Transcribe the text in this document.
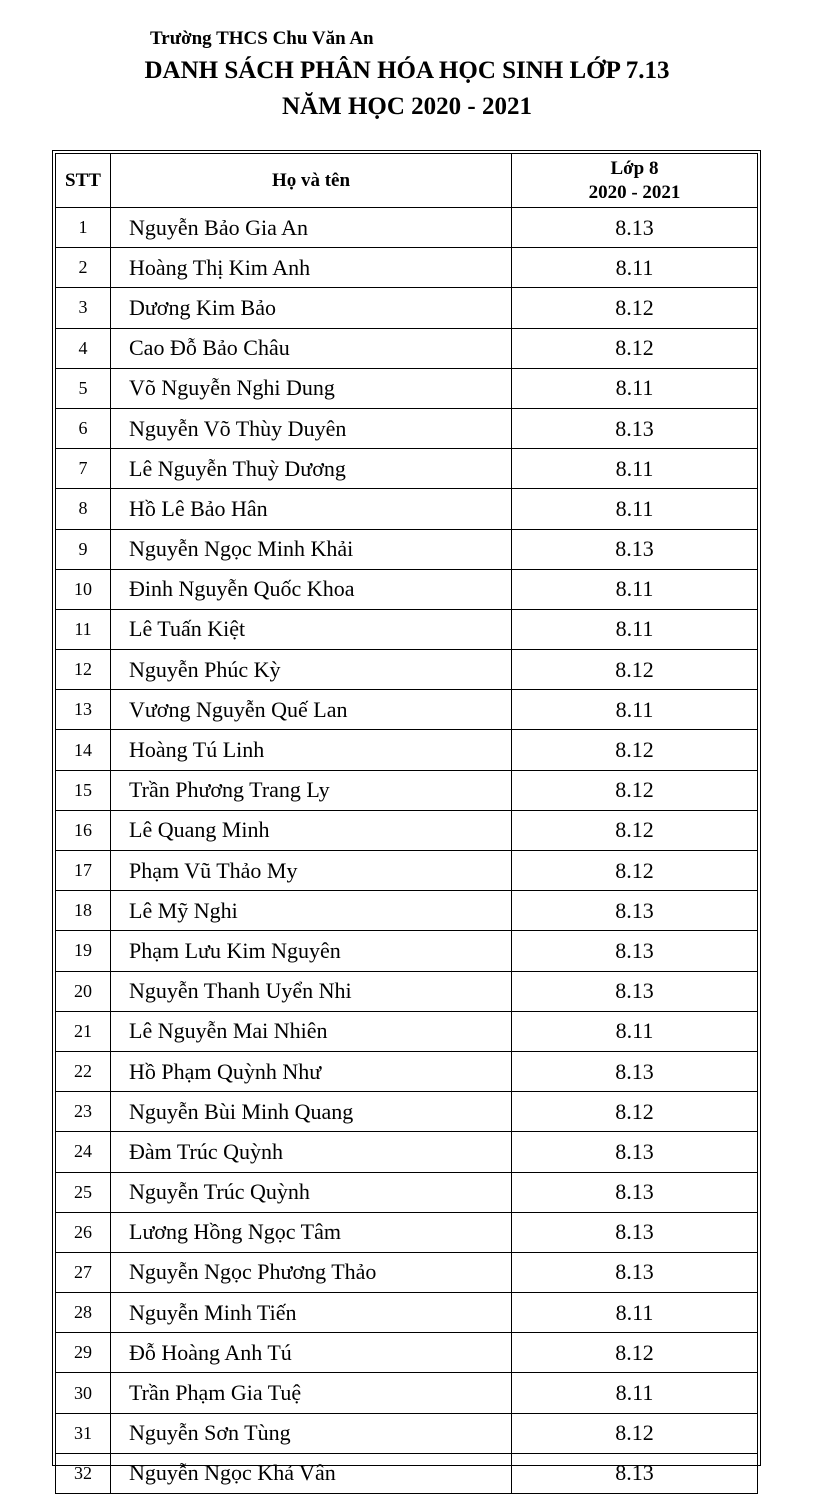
Trường THCS Chu Văn An
DANH SÁCH PHÂN HÓA HỌC SINH LỚP 7.13
NĂM HỌC 2020 - 2021
STT	Họ và tên	Lớp 8
2020 - 2021

1	Nguyễn Bảo Gia An	8.13
2	Hoàng Thị Kim Anh	8.11
3	Dương Kim Bảo	8.12
4	Cao Đỗ Bảo Châu	8.12
5	Võ Nguyễn Nghi Dung	8.11
6	Nguyễn Võ Thùy Duyên	8.13
7	Lê Nguyễn Thuỳ Dương	8.11
8	Hồ Lê Bảo Hân	8.11
9	Nguyễn Ngọc Minh Khải	8.13
10	Đinh Nguyễn Quốc Khoa	8.11
11	Lê Tuấn Kiệt	8.11
12	Nguyễn Phúc Kỳ	8.12
13	Vương Nguyễn Quế Lan	8.11
14	Hoàng Tú Linh	8.12
15	Trần Phương Trang Ly	8.12
16	Lê Quang Minh	8.12
17	Phạm Vũ Thảo My	8.12
18	Lê Mỹ Nghi	8.13
19	Phạm Lưu Kim Nguyên	8.13
20	Nguyễn Thanh Uyển Nhi	8.13
21	Lê Nguyễn Mai Nhiên	8.11
22	Hồ Phạm Quỳnh Như	8.13
23	Nguyễn Bùi Minh Quang	8.12
24	Đàm Trúc Quỳnh	8.13
25	Nguyễn Trúc Quỳnh	8.13
26	Lương Hồng Ngọc Tâm	8.13
27	Nguyễn Ngọc Phương Thảo	8.13
28	Nguyễn Minh Tiến	8.11
29	Đỗ Hoàng Anh Tú	8.12
30	Trần Phạm Gia Tuệ	8.11
31	Nguyễn Sơn Tùng	8.12
32	Nguyễn Ngọc Khả Vân	8.13
